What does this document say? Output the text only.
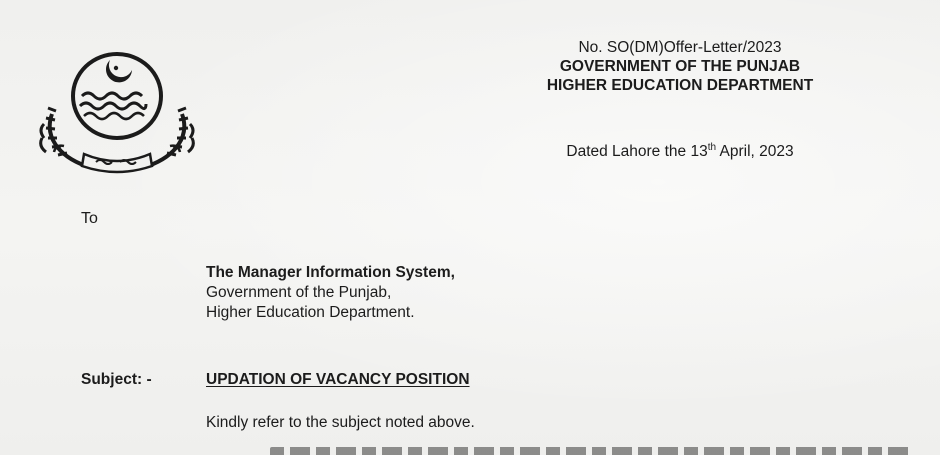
No. SO(DM)Offer-Letter/2023
GOVERNMENT OF THE PUNJAB
HIGHER EDUCATION DEPARTMENT
Dated Lahore the 13th April, 2023
To
The Manager Information System,
Government of the Punjab,
Higher Education Department.
Subject: -	UPDATION OF VACANCY POSITION
Kindly refer to the subject noted above.
